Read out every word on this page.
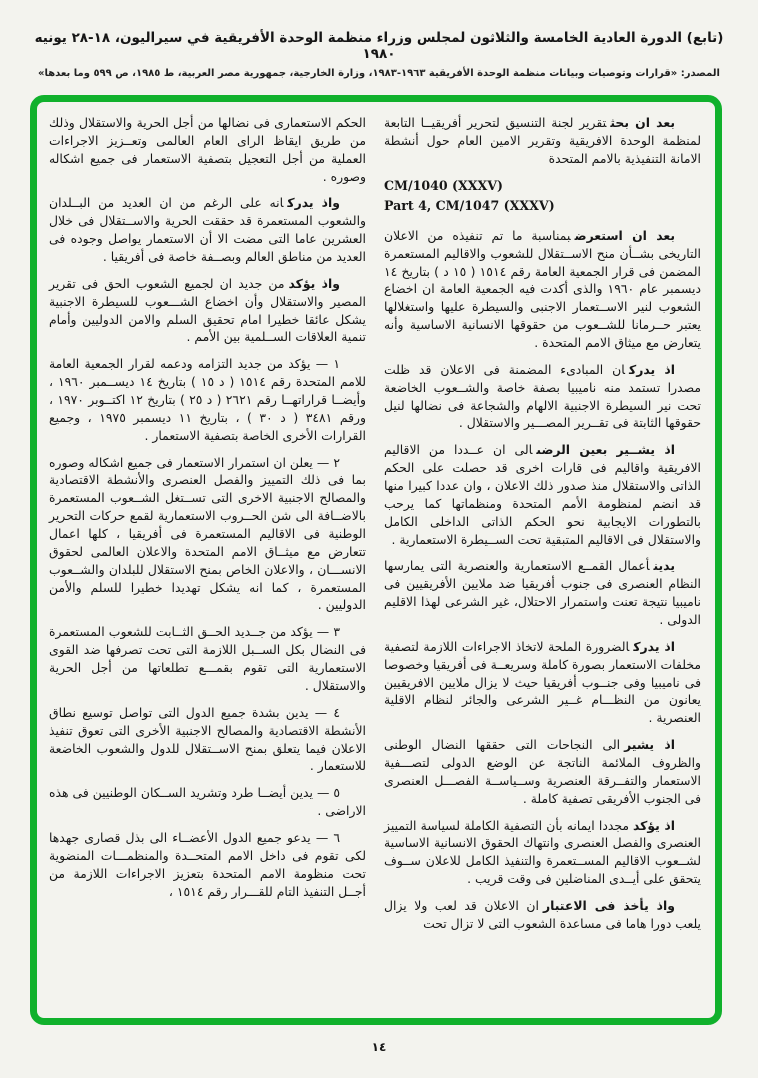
(تابع) الدورة العادية الخامسة والثلاثون لمجلس وزراء منظمة الوحدة الأفريقية في سيراليون، ١٨-٢٨ يونيه ١٩٨٠
المصدر: «قرارات وتوصيات وبيانات منظمة الوحدة الأفريقية ١٩٦٣-١٩٨٣، وزارة الخارجية، جمهورية مصر العربية، ط ١٩٨٥، ص ٥٩٩ وما بعدها»

بعد ان بحثتقرير لجنة التنسيق لتحرير أفريقيــا التابعة لمنظمة الوحدة الافريقية وتقرير الامين العام حول أنشطة الامانة التنفيذية بالامم المتحدة

CM/1040 (XXXV)

Part 4, CM/1047 (XXXV)

بعد ان استعرضبمناسبة ما تم تنفيذه من الاعلان التاريخى بشــأن منح الاســتقلال للشعوب والاقاليم المستعمرة المضمن فى قرار الجمعية العامة رقم ١٥١٤ ( ١٥ د ) بتاريخ ١٤ ديسمبر عام ١٩٦٠ والذى أكدت فيه الجمعية العامة ان اخضاع الشعوب لنير الاســتعمار الاجنبى والسيطرة عليها واستغلالها يعتبر حــرمانا للشــعوب من حقوقها الانسانية الاساسية وأنه يتعارض مع ميثاق الامم المتحدة .

اذ يدركان المبادىء المضمنة فى الاعلان قد ظلت مصدرا تستمد منه ناميبيا بصفة خاصة والشــعوب الخاضعة تحت نير السيطرة الاجنبية الالهام والشجاعة فى نضالها لنيل حقوقها الثابتة فى تقــرير المصـــير والاستقلال .

اذ يشــير بعين الرضىالى ان عــددا من الاقاليم الافريقية واقاليم فى قارات اخرى قد حصلت على الحكم الذاتى والاستقلال منذ صدور ذلك الاعلان ، وان عددا كبيرا منها قد انضم لمنظومة الأمم المتحدة ومنظماتها كما يرحب بالتطورات الايجابية نحو الحكم الذاتى الداخلى الكامل والاستقلال فى الاقاليم المتبقية تحت الســيطرة الاستعمارية .

يدينأعمال القمــع الاستعمارية والعنصرية التى يمارسها النظام العنصرى فى جنوب أفريقيا ضد ملايين الأفريقيين فى ناميبيا نتيجة تعنت واستمرار الاحتلال، غير الشرعى لهذا الاقليم الدولى .

اذ يدركالضرورة الملحة لاتخاذ الاجراءات اللازمة لتصفية مخلفات الاستعمار بصورة كاملة وسريعــة فى أفريقيا وخصوصا فى ناميبيا وفى جنــوب أفريقيا حيث لا يزال ملايين الافريقيين يعانون من النظـــام غــير الشرعى والجائر لنظام الاقلية العنصرية .

اذ يشيرالى النجاحات التى حققها النضال الوطنى والظروف الملائمة الناتجة عن الوضع الدولى لتصـــفية الاستعمار والتفــرقة العنصرية وســياســة الفصـــل العنصرى فى الجنوب الأفريقى تصفية كاملة .

اذ يؤكدمجددا ايمانه بأن التصفية الكاملة لسياسة التمييز العنصرى والفصل العنصرى وانتهاك الحقوق الانسانية الاساسية لشــعوب الاقاليم المســتعمرة والتنفيذ الكامل للاعلان ســوف يتحقق على أيــدى المناضلين فى وقت قريب .

واذ يأخذ فى الاعتباران الاعلان قد لعب ولا يزال يلعب دورا هاما فى مساعدة الشعوب التى لا تزال تحت

الحكم الاستعمارى فى نضالها من أجل الحرية والاستقلال وذلك من طريق ايقاظ الراى العام العالمى وتعــزيز الاجراءات العملية من أجل التعجيل بتصفية الاستعمار فى جميع اشكاله وصوره .

واذ يدركانه على الرغم من ان العديد من البــلدان والشعوب المستعمرة قد حققت الحرية والاســتقلال فى خلال العشرين عاما التى مضت الا أن الاستعمار يواصل وجوده فى العديد من مناطق العالم وبصــفة خاصة فى أفريقيا .

واذ يؤكدمن جديد ان لجميع الشعوب الحق فى تقرير المصير والاستقلال وأن اخضاع الشـــعوب للسيطرة الاجنبية يشكل عائقا خطيرا امام تحقيق السلم والامن الدوليين وأمام تنمية العلاقات الســلمية بين الأمم .

١ — يؤكد من جديد التزامه ودعمه لقرار الجمعية العامة للامم المتحدة رقم ١٥١٤ ( د ١٥ ) بتاريخ ١٤ ديســمبر ١٩٦٠ ، وأيضــا قراراتهــا رقم ٢٦٢١ ( د ٢٥ ) بتاريخ ١٢ اكتــوبر ١٩٧٠ ، ورقم ٣٤٨١ ( د ٣٠ ) ، بتاريخ ١١ ديسمبر ١٩٧٥ ، وجميع القرارات الأخرى الخاصة بتصفية الاستعمار .

٢ — يعلن ان استمرار الاستعمار فى جميع اشكاله وصوره بما فى ذلك التمييز والفصل العنصرى والأنشطة الاقتصادية والمصالح الاجنبية الاخرى التى تســتغل الشــعوب المستعمرة بالاضــافة الى شن الحــروب الاستعمارية لقمع حركات التحرير الوطنية فى الاقاليم المستعمرة فى أفريقيا ، كلها اعمال تتعارض مع ميثــاق الامم المتحدة والاعلان العالمى لحقوق الانســـان ، والاعلان الخاص بمنح الاستقلال للبلدان والشــعوب المستعمرة ، كما انه يشكل تهديدا خطيرا للسلم والأمن الدوليين .

٣ — يؤكد من جــديد الحــق الثــابت للشعوب المستعمرة فى النضال بكل الســبل اللازمة التى تحت تصرفها ضد القوى الاستعمارية التى تقوم بقمـــع تطلعاتها من أجل الحرية والاستقلال .

٤ — يدين بشدة جميع الدول التى تواصل توسيع نطاق الأنشطة الاقتصادية والمصالح الاجنبية الأخرى التى تعوق تنفيذ الاعلان فيما يتعلق بمنح الاســتقلال للدول والشعوب الخاضعة للاستعمار .

٥ — يدين أيضــا طرد وتشريد الســكان الوطنيين فى هذه الاراضى .

٦ — يدعو جميع الدول الأعضــاء الى بذل قصارى جهدها لكى تقوم فى داخل الامم المتحــدة والمنظمـــات المنضوية تحت منظومة الامم المتحدة بتعزيز الاجراءات اللازمة من أجــل التنفيذ التام للقـــرار رقم ١٥١٤ ،

١٤
